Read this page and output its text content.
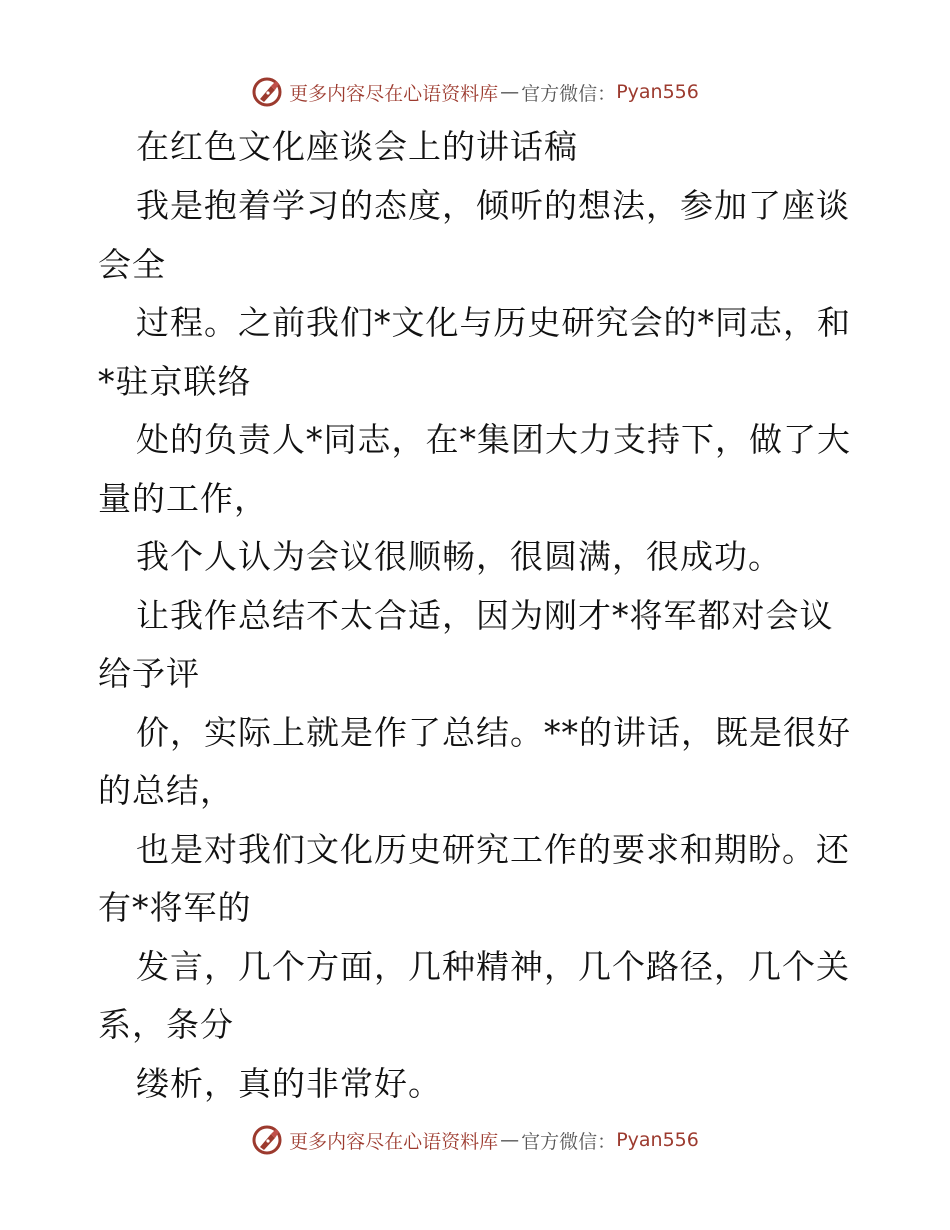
更多内容尽在心语资料库 — 官方微信： Pyan556
在红色文化座谈会上的讲话稿
我是抱着学习的态度，倾听的想法，参加了座谈
会全
过程。之前我们*文化与历史研究会的*同志，和
*驻京联络
处的负责人*同志，在*集团大力支持下，做了大
量的工作，
我个人认为会议很顺畅，很圆满，很成功。
让我作总结不太合适，因为刚才*将军都对会议
给予评
价，实际上就是作了总结。**的讲话，既是很好
的总结，
也是对我们文化历史研究工作的要求和期盼。还
有*将军的
发言，几个方面，几种精神，几个路径，几个关
系，条分
缕析，真的非常好。
更多内容尽在心语资料库 — 官方微信： Pyan556
